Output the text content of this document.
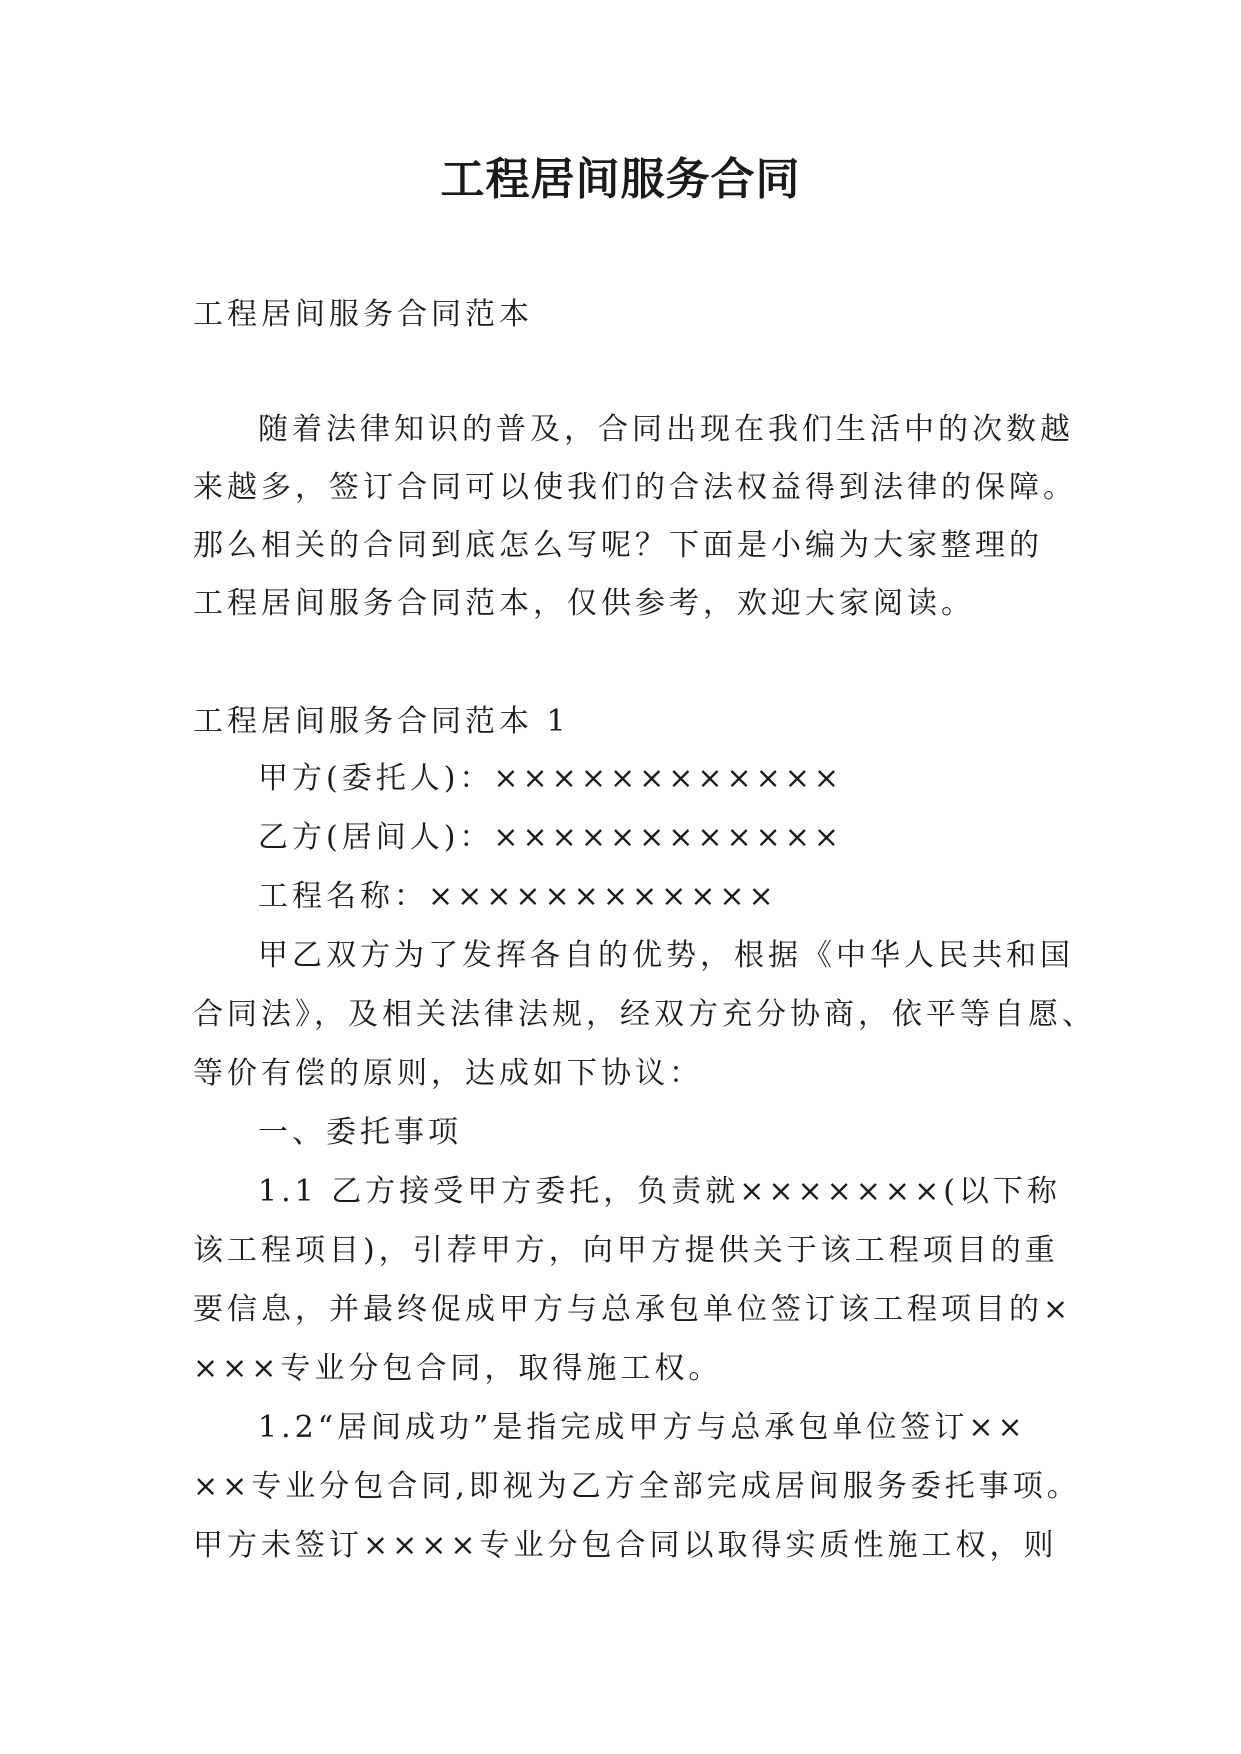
工程居间服务合同
工程居间服务合同范本
随着法律知识的普及，合同出现在我们生活中的次数越
来越多，签订合同可以使我们的合法权益得到法律的保障。
那么相关的合同到底怎么写呢？下面是小编为大家整理的
工程居间服务合同范本，仅供参考，欢迎大家阅读。
工程居间服务合同范本 1
甲方(委托人)：××××××××××××
乙方(居间人)：××××××××××××
工程名称：××××××××××××
甲乙双方为了发挥各自的优势，根据《中华人民共和国
合同法》，及相关法律法规，经双方充分协商，依平等自愿、
等价有偿的原则，达成如下协议：
一、委托事项
1.1 乙方接受甲方委托，负责就×××××××(以下称
该工程项目)，引荐甲方，向甲方提供关于该工程项目的重
要信息，并最终促成甲方与总承包单位签订该工程项目的×
×××专业分包合同，取得施工权。
1.2“居间成功”是指完成甲方与总承包单位签订××
××专业分包合同,即视为乙方全部完成居间服务委托事项。
甲方未签订××××专业分包合同以取得实质性施工权，则
